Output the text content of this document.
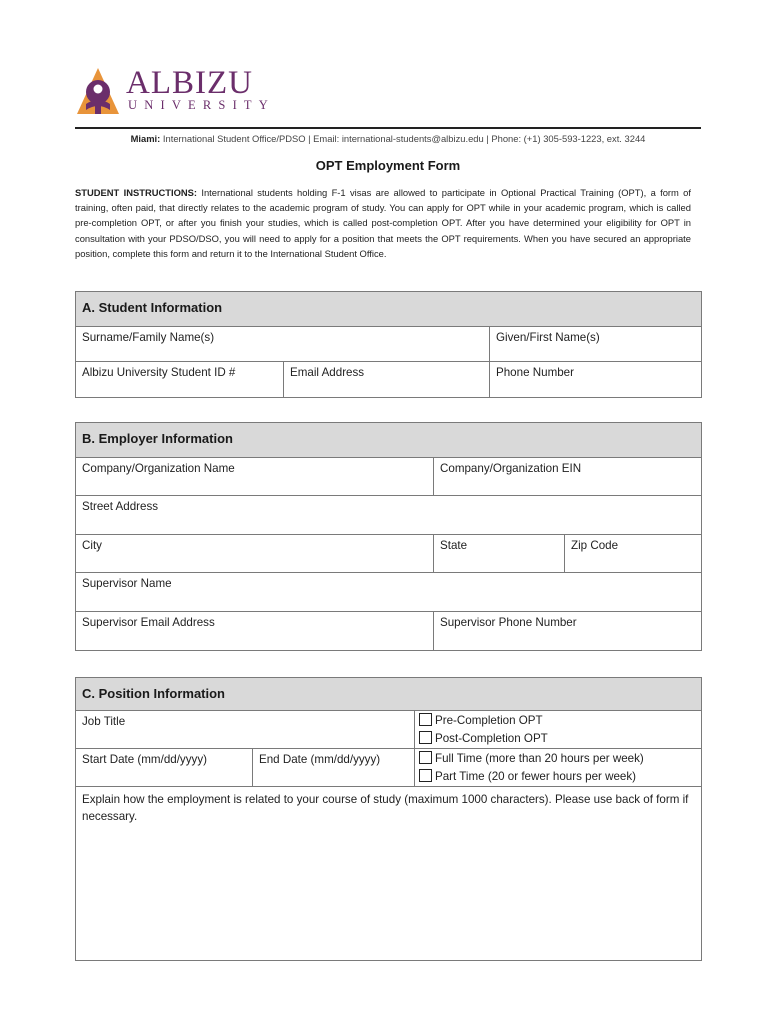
ALBIZU
UNIVERSITY
Miami: International Student Office/PDSO | Email: international-students@albizu.edu | Phone: (+1) 305-593-1223, ext. 3244
OPT Employment Form
STUDENT INSTRUCTIONS: International students holding F-1 visas are allowed to participate in Optional Practical Training (OPT), a form of training, often paid, that directly relates to the academic program of study. You can apply for OPT while in your academic program, which is called pre-completion OPT, or after you finish your studies, which is called post-completion OPT. After you have determined your eligibility for OPT in consultation with your PDSO/DSO, you will need to apply for a position that meets the OPT requirements. When you have secured an appropriate position, complete this form and return it to the International Student Office.
A. Student Information		
Surname/Family Name(s)		Given/First Name(s)
Albizu University Student ID #	Email Address	Phone Number
B. Employer Information		
Company/Organization Name	Company/Organization EIN	
Street Address		
City	State	Zip Code
Supervisor Name		
Supervisor Email Address	Supervisor Phone Number	
C. Position Information		
Job Title		Pre-Completion OPT
Post-Completion OPT

Start Date (mm/dd/yyyy)	End Date (mm/dd/yyyy)	Full Time (more than 20 hours per week)
Part Time (20 or fewer hours per week)

Explain how the employment is related to your course of study (maximum 1000 characters). Please use back of form if necessary.		
